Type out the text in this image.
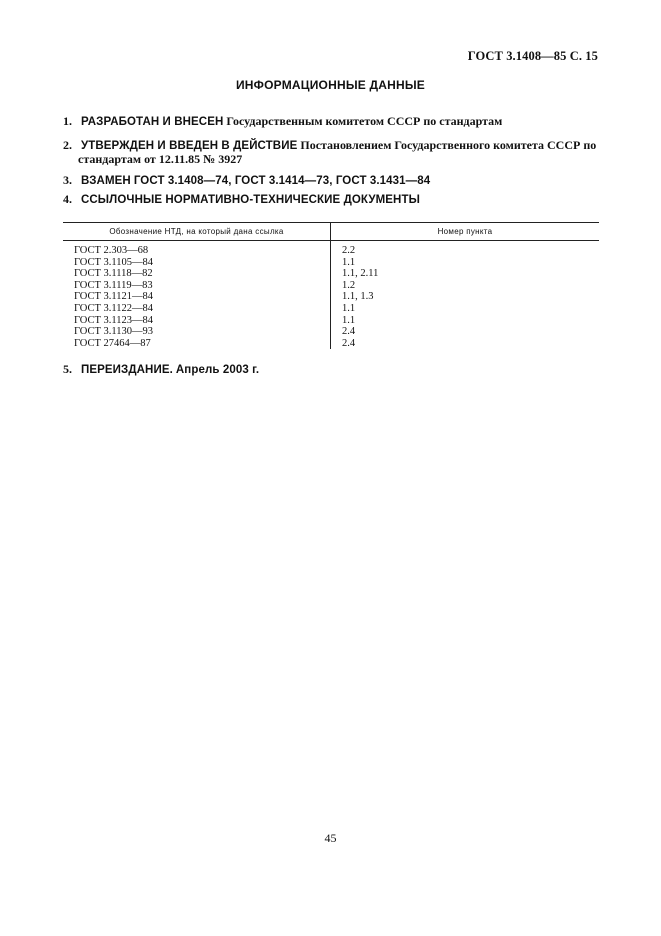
ГОСТ 3.1408—85 С. 15
ИНФОРМАЦИОННЫЕ ДАННЫЕ
1. РАЗРАБОТАН И ВНЕСЕН Государственным комитетом СССР по стандартам
2. УТВЕРЖДЕН И ВВЕДЕН В ДЕЙСТВИЕ Постановлением Государственного комитета СССР по
стандартам от 12.11.85 № 3927
3. ВЗАМЕН ГОСТ 3.1408—74, ГОСТ 3.1414—73, ГОСТ 3.1431—84
4. ССЫЛОЧНЫЕ НОРМАТИВНО-ТЕХНИЧЕСКИЕ ДОКУМЕНТЫ
Обозначение НТД, на который дана ссылка	Номер пункта
ГОСТ 2.303—68	2.2
ГОСТ 3.1105—84	1.1
ГОСТ 3.1118—82	1.1, 2.11
ГОСТ 3.1119—83	1.2
ГОСТ 3.1121—84	1.1, 1.3
ГОСТ 3.1122—84	1.1
ГОСТ 3.1123—84	1.1
ГОСТ 3.1130—93	2.4
ГОСТ 27464—87	2.4
5. ПЕРЕИЗДАНИЕ. Апрель 2003 г.
45
